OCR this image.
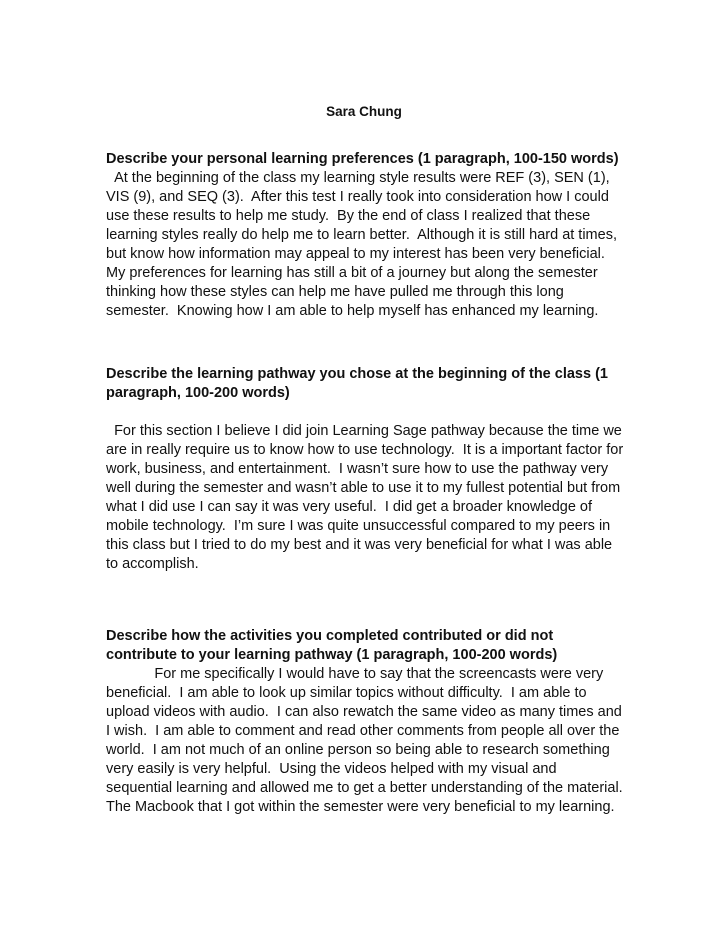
Sara Chung

Describe your personal learning preferences (1 paragraph, 100-150 words)

At the beginning of the class my learning style results were REF (3), SEN (1), VIS (9), and SEQ (3).  After this test I really took into consideration how I could use these results to help me study.  By the end of class I realized that these learning styles really do help me to learn better.  Although it is still hard at times, but know how information may appeal to my interest has been very beneficial.  My preferences for learning has still a bit of a journey but along the semester thinking how these styles can help me have pulled me through this long semester.  Knowing how I am able to help myself has enhanced my learning.

Describe the learning pathway you chose at the beginning of the class (1 paragraph, 100-200 words)

For this section I believe I did join Learning Sage pathway because the time we are in really require us to know how to use technology.  It is a important factor for work, business, and entertainment.  I wasn’t sure how to use the pathway very well during the semester and wasn’t able to use it to my fullest potential but from what I did use I can say it was very useful.  I did get a broader knowledge of mobile technology.  I’m sure I was quite unsuccessful compared to my peers in this class but I tried to do my best and it was very beneficial for what I was able to accomplish.

Describe how the activities you completed contributed or did not contribute to your learning pathway (1 paragraph, 100-200 words)

For me specifically I would have to say that the screencasts were very beneficial.  I am able to look up similar topics without difficulty.  I am able to upload videos with audio.  I can also rewatch the same video as many times and I wish.  I am able to comment and read other comments from people all over the world.  I am not much of an online person so being able to research something very easily is very helpful.  Using the videos helped with my visual and sequential learning and allowed me to get a better understanding of the material.  The Macbook that I got within the semester were very beneficial to my learning.
